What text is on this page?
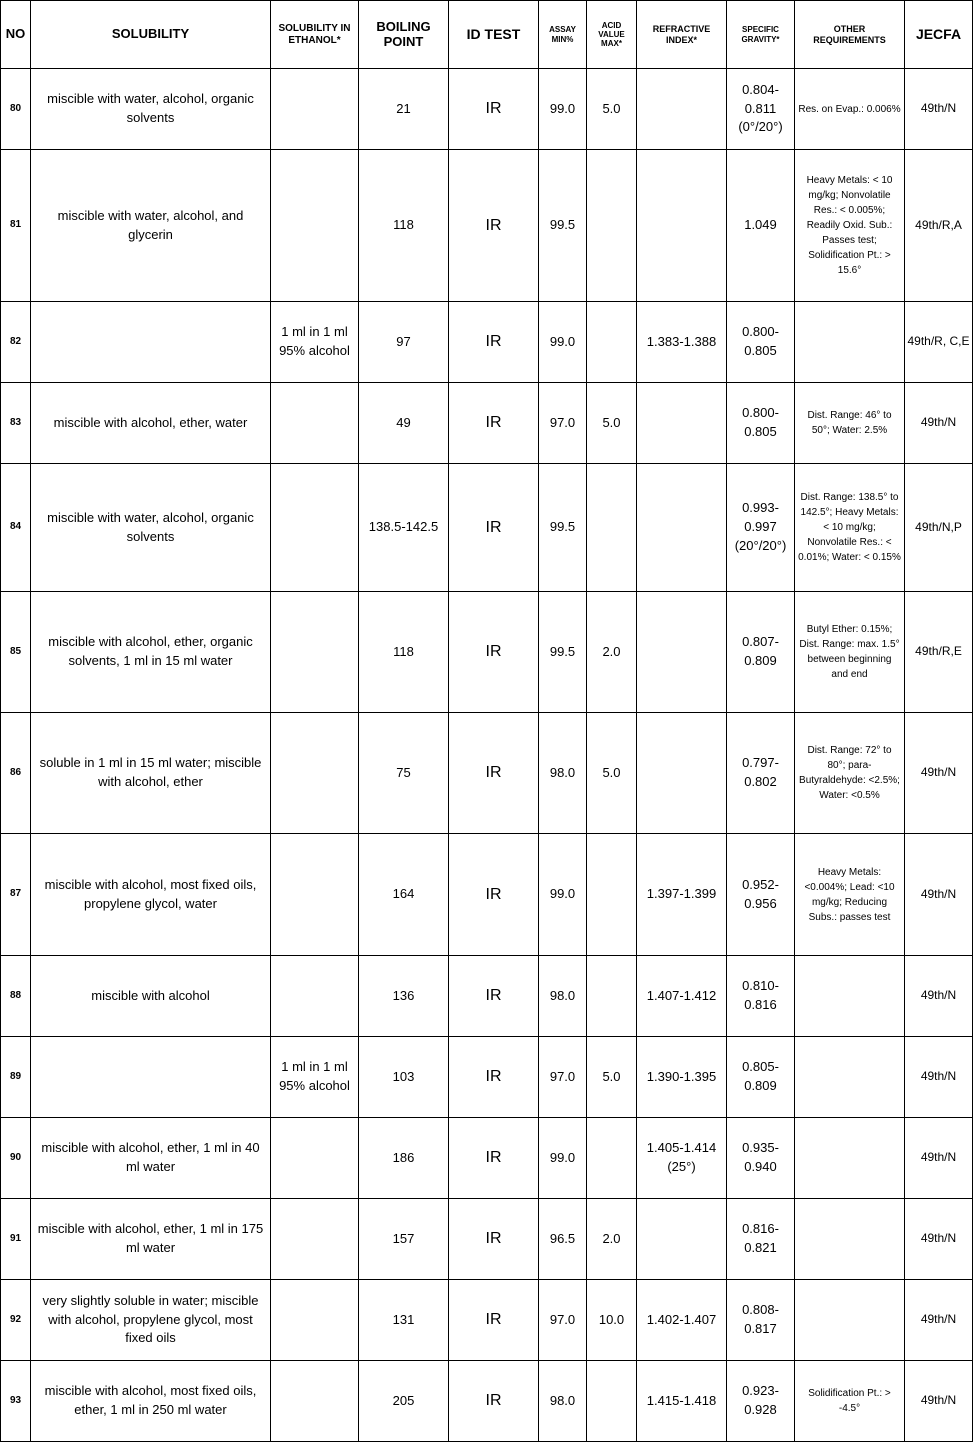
NO	SOLUBILITY	SOLUBILITY IN ETHANOL*	BOILING POINT	ID TEST	ASSAY MIN%	ACID VALUE MAX*	REFRACTIVE INDEX*	SPECIFIC GRAVITY*	OTHER REQUIREMENTS	JECFA
80	miscible with water, alcohol, organic solvents		21	IR	99.0	5.0		0.804-0.811 (0°/20°)	Res. on Evap.: 0.006%	49th/N
81	miscible with water, alcohol, and glycerin		118	IR	99.5			1.049	Heavy Metals: < 10 mg/kg; Nonvolatile Res.: < 0.005%; Readily Oxid. Sub.: Passes test; Solidification Pt.: > 15.6°	49th/R,A
82		1 ml in 1 ml 95% alcohol	97	IR	99.0		1.383-1.388	0.800-0.805		49th/R, C,E
83	miscible with alcohol, ether, water		49	IR	97.0	5.0		0.800-0.805	Dist. Range: 46° to 50°; Water: 2.5%	49th/N
84	miscible with water, alcohol, organic solvents		138.5-142.5	IR	99.5			0.993-0.997 (20°/20°)	Dist. Range: 138.5° to 142.5°; Heavy Metals: < 10 mg/kg; Nonvolatile Res.: < 0.01%; Water: < 0.15%	49th/N,P
85	miscible with alcohol, ether, organic solvents, 1 ml in 15 ml water		118	IR	99.5	2.0		0.807-0.809	Butyl Ether: 0.15%; Dist. Range: max. 1.5° between beginning and end	49th/R,E
86	soluble in 1 ml in 15 ml water; miscible with alcohol, ether		75	IR	98.0	5.0		0.797-0.802	Dist. Range: 72° to 80°; para-Butyraldehyde: <2.5%; Water: <0.5%	49th/N
87	miscible with alcohol, most fixed oils, propylene glycol, water		164	IR	99.0		1.397-1.399	0.952-0.956	Heavy Metals: <0.004%; Lead: <10 mg/kg; Reducing Subs.: passes test	49th/N
88	miscible with alcohol		136	IR	98.0		1.407-1.412	0.810-0.816		49th/N
89		1 ml in 1 ml 95% alcohol	103	IR	97.0	5.0	1.390-1.395	0.805-0.809		49th/N
90	miscible with alcohol, ether, 1 ml in 40 ml water		186	IR	99.0		1.405-1.414 (25°)	0.935-0.940		49th/N
91	miscible with alcohol, ether, 1 ml in 175 ml water		157	IR	96.5	2.0		0.816-0.821		49th/N
92	very slightly soluble in water; miscible with alcohol, propylene glycol, most fixed oils		131	IR	97.0	10.0	1.402-1.407	0.808-0.817		49th/N
93	miscible with alcohol, most fixed oils, ether, 1 ml in 250 ml water		205	IR	98.0		1.415-1.418	0.923-0.928	Solidification Pt.: > -4.5°	49th/N
